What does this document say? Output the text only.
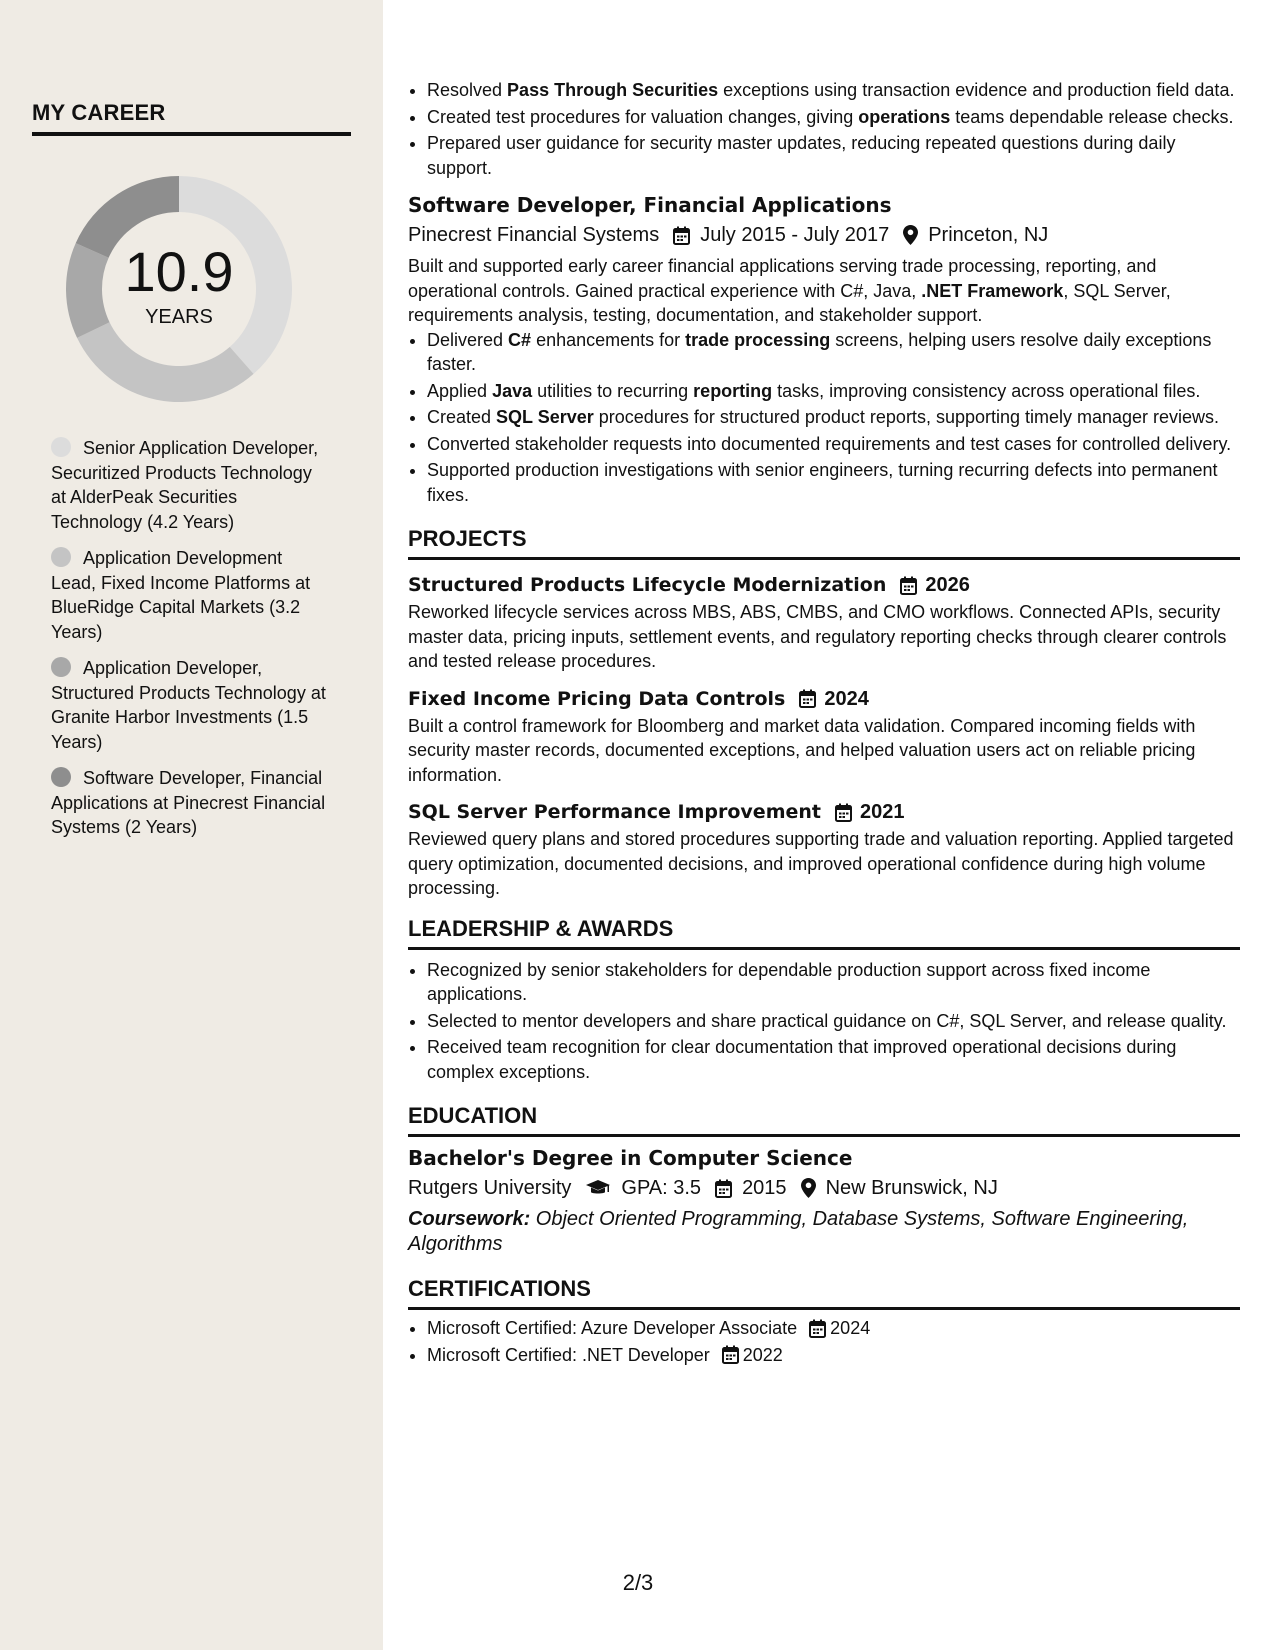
MY CAREER
10.9
YEARS
Senior Application Developer, Securitized Products Technology at AlderPeak Securities Technology (4.2 Years)
Application Development Lead, Fixed Income Platforms at BlueRidge Capital Markets (3.2 Years)
Application Developer, Structured Products Technology at Granite Harbor Investments (1.5 Years)
Software Developer, Financial Applications at Pinecrest Financial Systems (2 Years)
• Resolved Pass Through Securities exceptions using transaction evidence and production field data.
• Created test procedures for valuation changes, giving operations teams dependable release checks.
• Prepared user guidance for security master updates, reducing repeated questions during daily support.
Software Developer, Financial Applications
Pinecrest Financial Systems July 2015 - July 2017 Princeton, NJ
Built and supported early career financial applications serving trade processing, reporting, and operational controls. Gained practical experience with C#, Java, .NET Framework, SQL Server, requirements analysis, testing, documentation, and stakeholder support.
• Delivered C# enhancements for trade processing screens, helping users resolve daily exceptions faster.
• Applied Java utilities to recurring reporting tasks, improving consistency across operational files.
• Created SQL Server procedures for structured product reports, supporting timely manager reviews.
• Converted stakeholder requests into documented requirements and test cases for controlled delivery.
• Supported production investigations with senior engineers, turning recurring defects into permanent fixes.
PROJECTS
Structured Products Lifecycle Modernization 2026
Reworked lifecycle services across MBS, ABS, CMBS, and CMO workflows. Connected APIs, security master data, pricing inputs, settlement events, and regulatory reporting checks through clearer controls and tested release procedures.
Fixed Income Pricing Data Controls 2024
Built a control framework for Bloomberg and market data validation. Compared incoming fields with security master records, documented exceptions, and helped valuation users act on reliable pricing information.
SQL Server Performance Improvement 2021
Reviewed query plans and stored procedures supporting trade and valuation reporting. Applied targeted query optimization, documented decisions, and improved operational confidence during high volume processing.
LEADERSHIP & AWARDS
• Recognized by senior stakeholders for dependable production support across fixed income applications.
• Selected to mentor developers and share practical guidance on C#, SQL Server, and release quality.
• Received team recognition for clear documentation that improved operational decisions during complex exceptions.
EDUCATION
Bachelor's Degree in Computer Science
Rutgers University	GPA: 3.5 2015 New Brunswick, NJ
Coursework: Object Oriented Programming, Database Systems, Software Engineering, Algorithms
CERTIFICATIONS
• Microsoft Certified: Azure Developer Associate 2024
• Microsoft Certified: .NET Developer 2022
2/3
